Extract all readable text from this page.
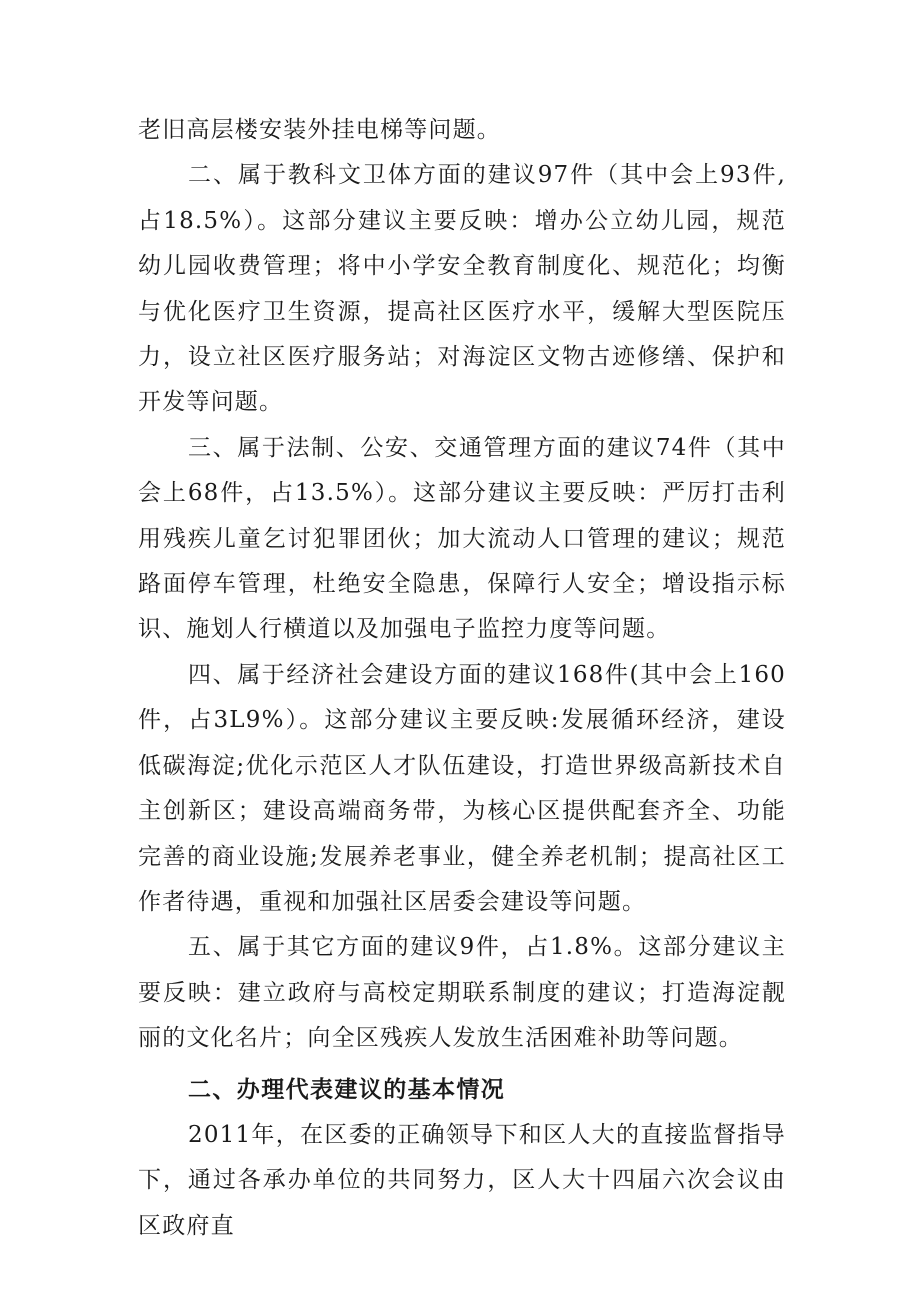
老旧高层楼安装外挂电梯等问题。

二、属于教科文卫体方面的建议97件（其中会上93件,占18.5%）。这部分建议主要反映：增办公立幼儿园，规范幼儿园收费管理；将中小学安全教育制度化、规范化；均衡与优化医疗卫生资源，提高社区医疗水平，缓解大型医院压力，设立社区医疗服务站；对海淀区文物古迹修缮、保护和开发等问题。

三、属于法制、公安、交通管理方面的建议74件（其中会上68件，占13.5%）。这部分建议主要反映：严厉打击利用残疾儿童乞讨犯罪团伙；加大流动人口管理的建议；规范路面停车管理，杜绝安全隐患，保障行人安全；增设指示标识、施划人行横道以及加强电子监控力度等问题。

四、属于经济社会建设方面的建议168件(其中会上160件，占3L9%）。这部分建议主要反映:发展循环经济，建设低碳海淀;优化示范区人才队伍建设，打造世界级高新技术自主创新区；建设高端商务带，为核心区提供配套齐全、功能完善的商业设施;发展养老事业，健全养老机制；提高社区工作者待遇，重视和加强社区居委会建设等问题。

五、属于其它方面的建议9件，占1.8%。这部分建议主要反映：建立政府与高校定期联系制度的建议；打造海淀靓丽的文化名片；向全区残疾人发放生活困难补助等问题。

二、办理代表建议的基本情况

2011年，在区委的正确领导下和区人大的直接监督指导下，通过各承办单位的共同努力，区人大十四届六次会议由区政府直
